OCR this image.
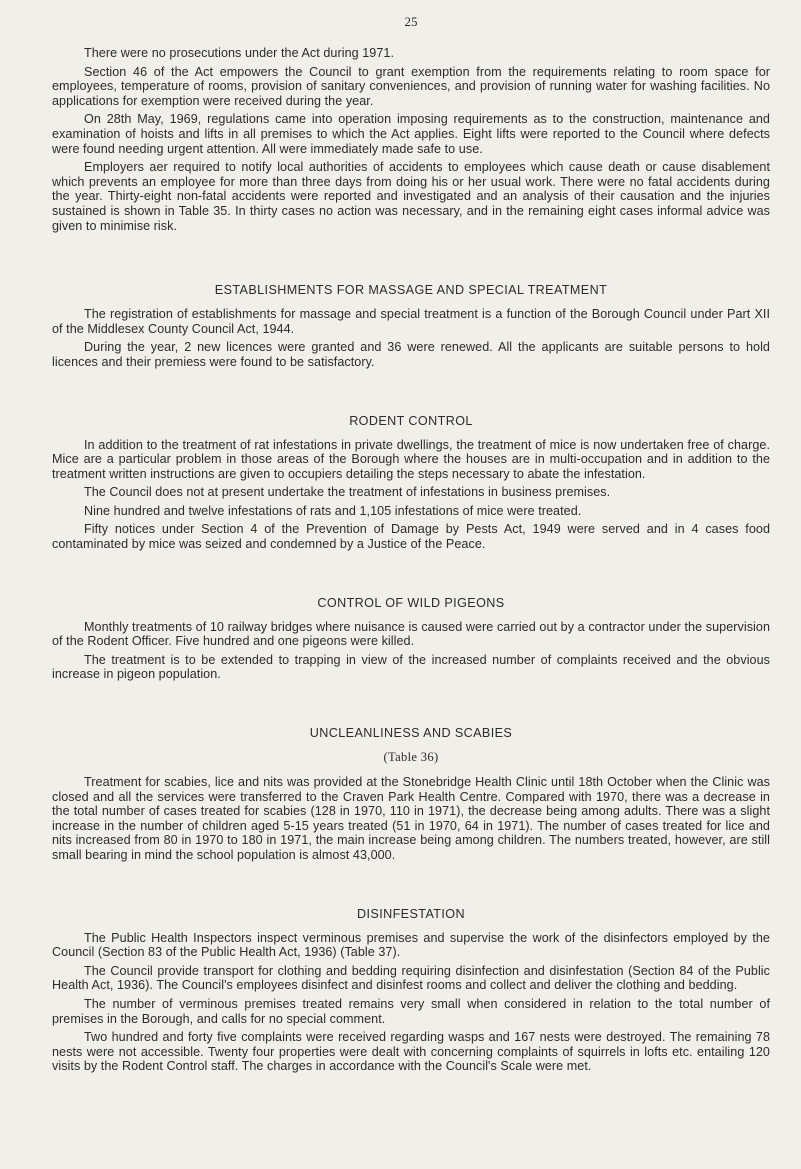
25

There were no prosecutions under the Act during 1971.

Section 46 of the Act empowers the Council to grant exemption from the requirements relating to room space for employees, temperature of rooms, provision of sanitary conveniences, and provision of running water for washing facilities. No applications for exemption were received during the year.

On 28th May, 1969, regulations came into operation imposing requirements as to the construction, maintenance and examination of hoists and lifts in all premises to which the Act applies. Eight lifts were reported to the Council where defects were found needing urgent attention. All were immediately made safe to use.

Employers aer required to notify local authorities of accidents to employees which cause death or cause disablement which prevents an employee for more than three days from doing his or her usual work. There were no fatal accidents during the year. Thirty-eight non-fatal accidents were reported and investigated and an analysis of their causation and the injuries sustained is shown in Table 35. In thirty cases no action was necessary, and in the remaining eight cases informal advice was given to minimise risk.

ESTABLISHMENTS FOR MASSAGE AND SPECIAL TREATMENT

The registration of establishments for massage and special treatment is a function of the Borough Council under Part XII of the Middlesex County Council Act, 1944.

During the year, 2 new licences were granted and 36 were renewed. All the applicants are suitable persons to hold licences and their premiess were found to be satisfactory.

RODENT CONTROL

In addition to the treatment of rat infestations in private dwellings, the treatment of mice is now undertaken free of charge. Mice are a particular problem in those areas of the Borough where the houses are in multi-occupation and in addition to the treatment written instructions are given to occupiers detailing the steps necessary to abate the infestation.

The Council does not at present undertake the treatment of infestations in business premises.

Nine hundred and twelve infestations of rats and 1,105 infestations of mice were treated.

Fifty notices under Section 4 of the Prevention of Damage by Pests Act, 1949 were served and in 4 cases food contaminated by mice was seized and condemned by a Justice of the Peace.

CONTROL OF WILD PIGEONS

Monthly treatments of 10 railway bridges where nuisance is caused were carried out by a contractor under the supervision of the Rodent Officer. Five hundred and one pigeons were killed.

The treatment is to be extended to trapping in view of the increased number of complaints received and the obvious increase in pigeon population.

UNCLEANLINESS AND SCABIES
(Table 36)

Treatment for scabies, lice and nits was provided at the Stonebridge Health Clinic until 18th October when the Clinic was closed and all the services were transferred to the Craven Park Health Centre. Compared with 1970, there was a decrease in the total number of cases treated for scabies (128 in 1970, 110 in 1971), the decrease being among adults. There was a slight increase in the number of children aged 5-15 years treated (51 in 1970, 64 in 1971). The number of cases treated for lice and nits increased from 80 in 1970 to 180 in 1971, the main increase being among children. The numbers treated, however, are still small bearing in mind the school population is almost 43,000.

DISINFESTATION

The Public Health Inspectors inspect verminous premises and supervise the work of the disinfectors employed by the Council (Section 83 of the Public Health Act, 1936) (Table 37).

The Council provide transport for clothing and bedding requiring disinfection and disinfestation (Section 84 of the Public Health Act, 1936). The Council's employees disinfect and disinfest rooms and collect and deliver the clothing and bedding.

The number of verminous premises treated remains very small when considered in relation to the total number of premises in the Borough, and calls for no special comment.

Two hundred and forty five complaints were received regarding wasps and 167 nests were destroyed. The remaining 78 nests were not accessible. Twenty four properties were dealt with concerning complaints of squirrels in lofts etc. entailing 120 visits by the Rodent Control staff. The charges in accordance with the Council's Scale were met.
